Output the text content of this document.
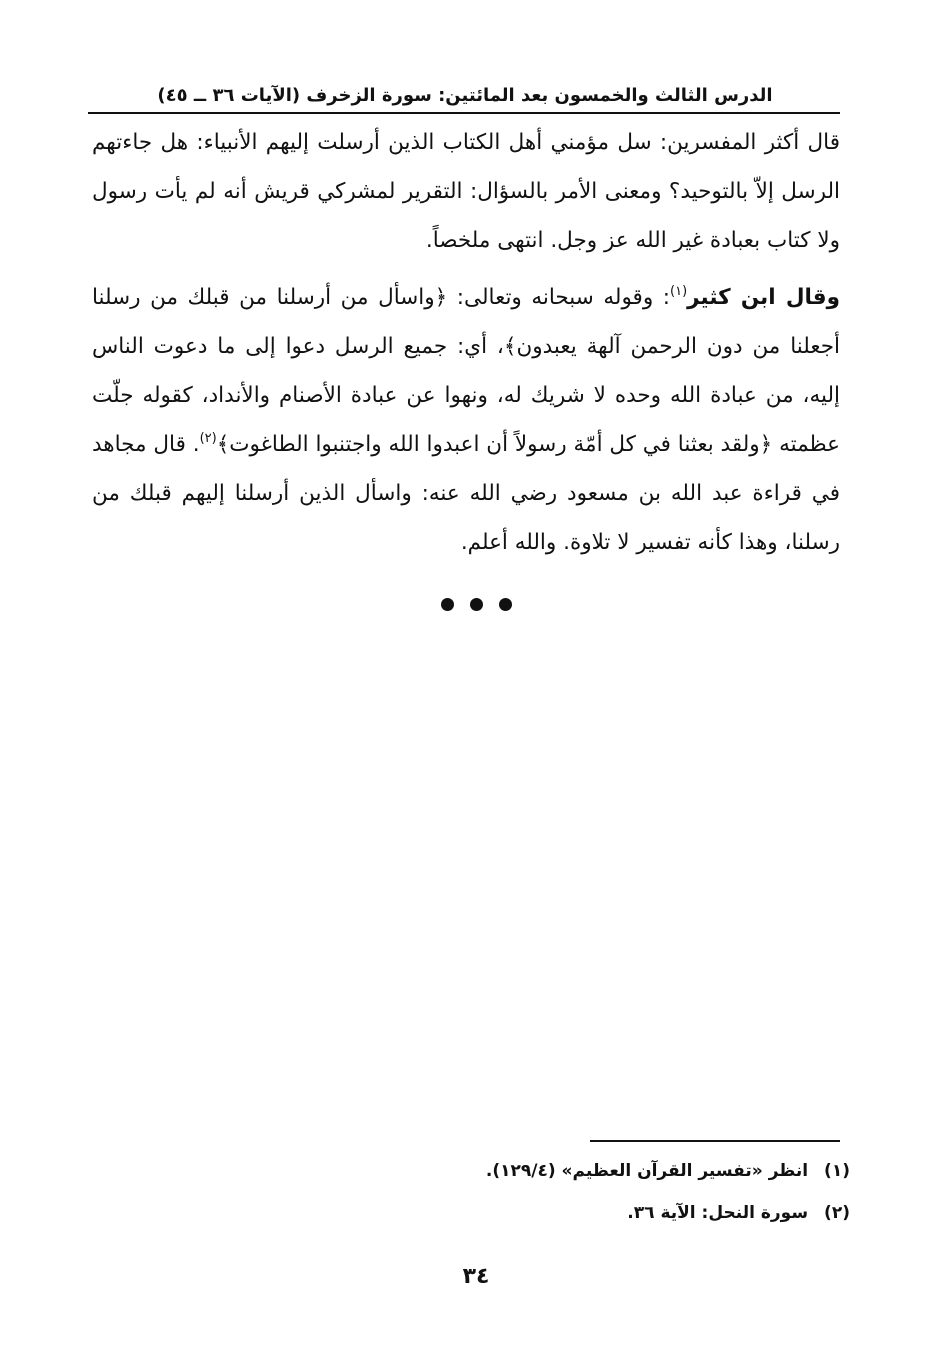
الدرس الثالث والخمسون بعد المائتين: سورة الزخرف (الآيات ٣٦ ــ ٤٥)

قال أكثر المفسرين: سل مؤمني أهل الكتاب الذين أرسلت إليهم الأنبياء: هل جاءتهم الرسل إلاّ بالتوحيد؟ ومعنى الأمر بالسؤال: التقرير لمشركي قريش أنه لم يأت رسول ولا كتاب بعبادة غير الله عز وجل. انتهى ملخصاً.

وقال ابن كثير$^{(١)}$: وقوله سبحانه وتعالى: ﴿واسأل من أرسلنا من قبلك من رسلنا أجعلنا من دون الرحمن آلهة يعبدون﴾، أي: جميع الرسل دعوا إلى ما دعوت الناس إليه، من عبادة الله وحده لا شريك له، ونهوا عن عبادة الأصنام والأنداد، كقوله جلّت عظمته ﴿ولقد بعثنا في كل أمّة رسولاً أن اعبدوا الله واجتنبوا الطاغوت﴾$^{(٢)}$. قال مجاهد في قراءة عبد الله بن مسعود رضي الله عنه: واسأل الذين أرسلنا إليهم قبلك من رسلنا، وهذا كأنه تفسير لا تلاوة. والله أعلم.

(١)انظر «تفسير القرآن العظيم» (١٢٩/٤).
(٢)سورة النحل: الآية ٣٦.
٣٤
